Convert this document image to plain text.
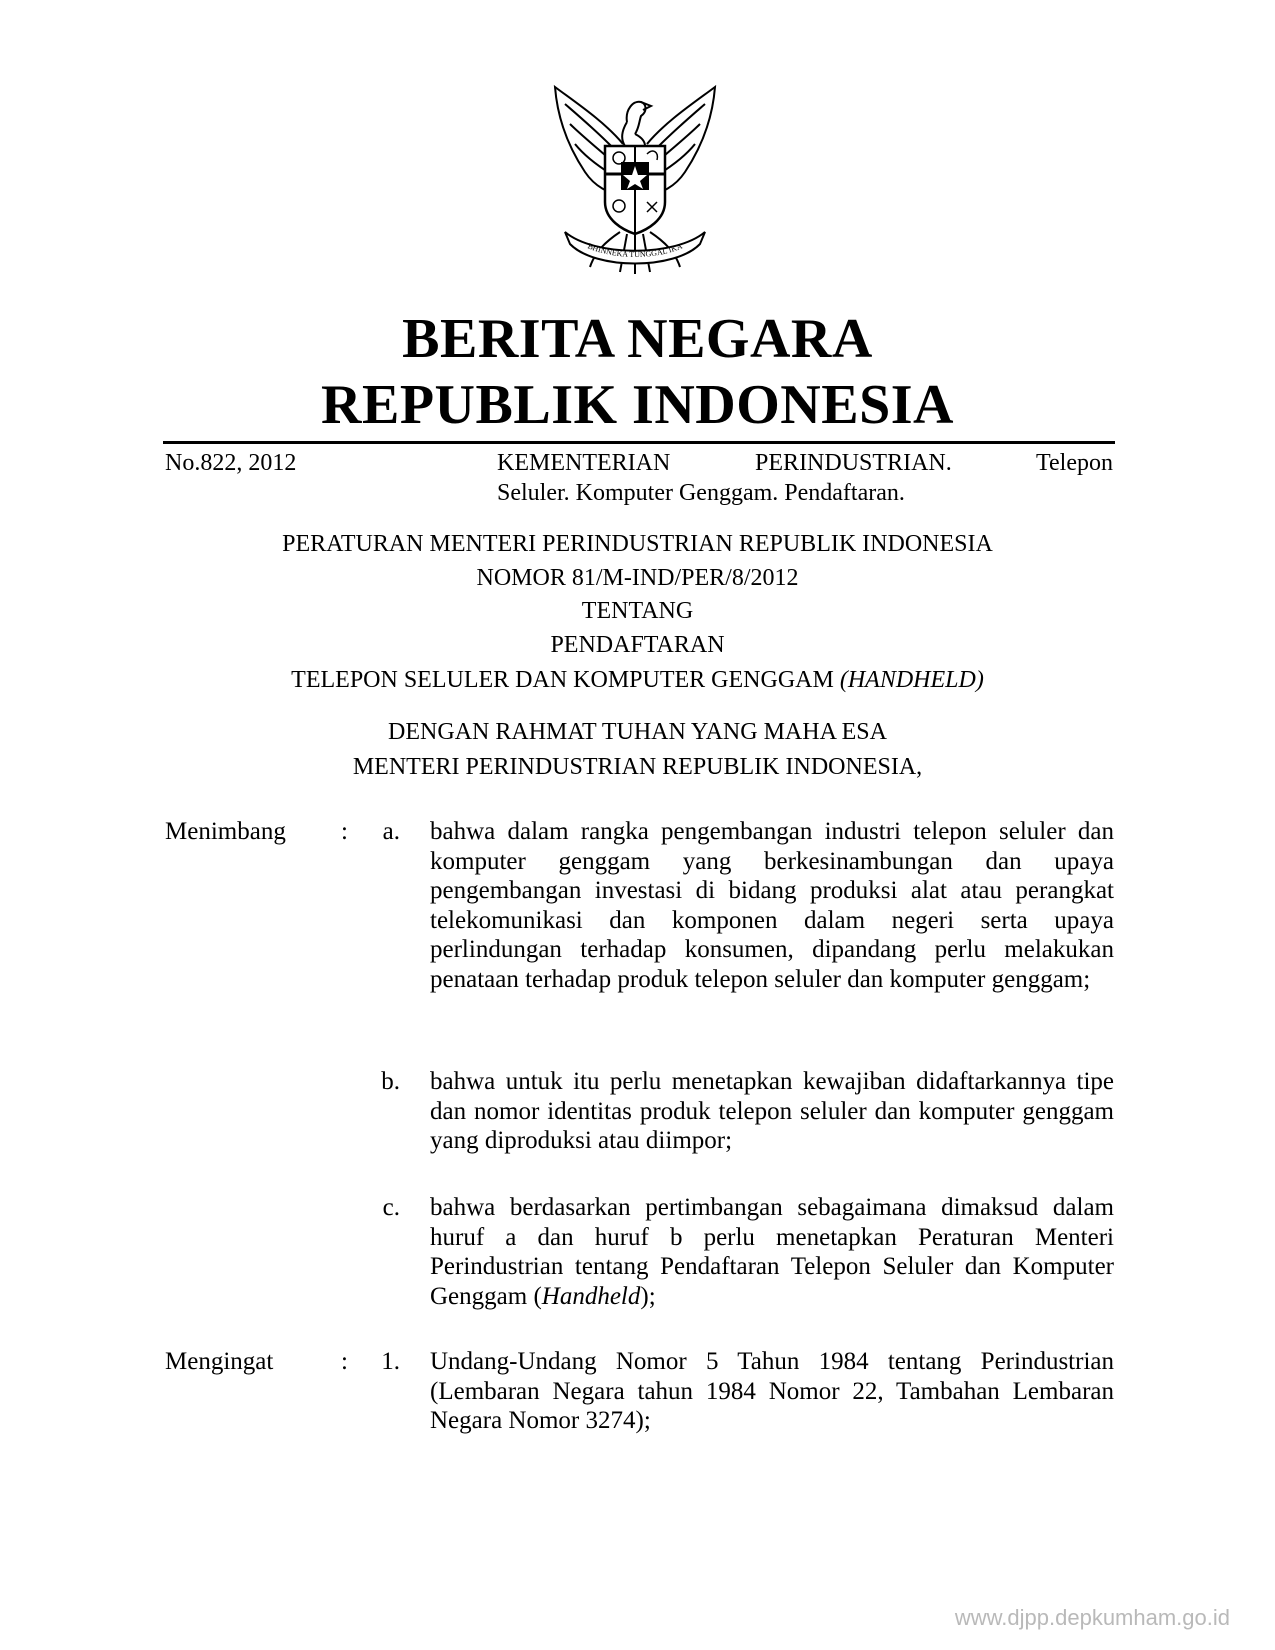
BHINNEKA TUNGGAL IKA
BERITA NEGARA
REPUBLIK INDONESIA
No.822, 2012	KEMENTERIAN PERINDUSTRIAN. Telepon
Seluler. Komputer Genggam. Pendaftaran.
PERATURAN MENTERI PERINDUSTRIAN REPUBLIK INDONESIA
NOMOR 81/M-IND/PER/8/2012
TENTANG
PENDAFTARAN
TELEPON SELULER DAN KOMPUTER GENGGAM (HANDHELD)
DENGAN RAHMAT TUHAN YANG MAHA ESA
MENTERI PERINDUSTRIAN REPUBLIK INDONESIA,
Menimbang :	a. bahwa dalam rangka pengembangan industri telepon seluler dan komputer genggam yang berkesinambungan dan upaya pengembangan investasi di bidang produksi alat atau perangkat telekomunikasi dan komponen dalam negeri serta upaya perlindungan terhadap konsumen, dipandang perlu melakukan penataan terhadap produk telepon seluler dan komputer genggam;
b. bahwa untuk itu perlu menetapkan kewajiban didaftarkannya tipe dan nomor identitas produk telepon seluler dan komputer genggam yang diproduksi atau diimpor;
c. bahwa berdasarkan pertimbangan sebagaimana dimaksud dalam huruf a dan huruf b perlu menetapkan Peraturan Menteri Perindustrian tentang Pendaftaran Telepon Seluler dan Komputer Genggam (Handheld);
Mengingat	:	1. Undang-Undang Nomor 5 Tahun 1984 tentang Perindustrian (Lembaran Negara tahun 1984 Nomor 22, Tambahan Lembaran Negara Nomor 3274);
www.djpp.depkumham.go.id
